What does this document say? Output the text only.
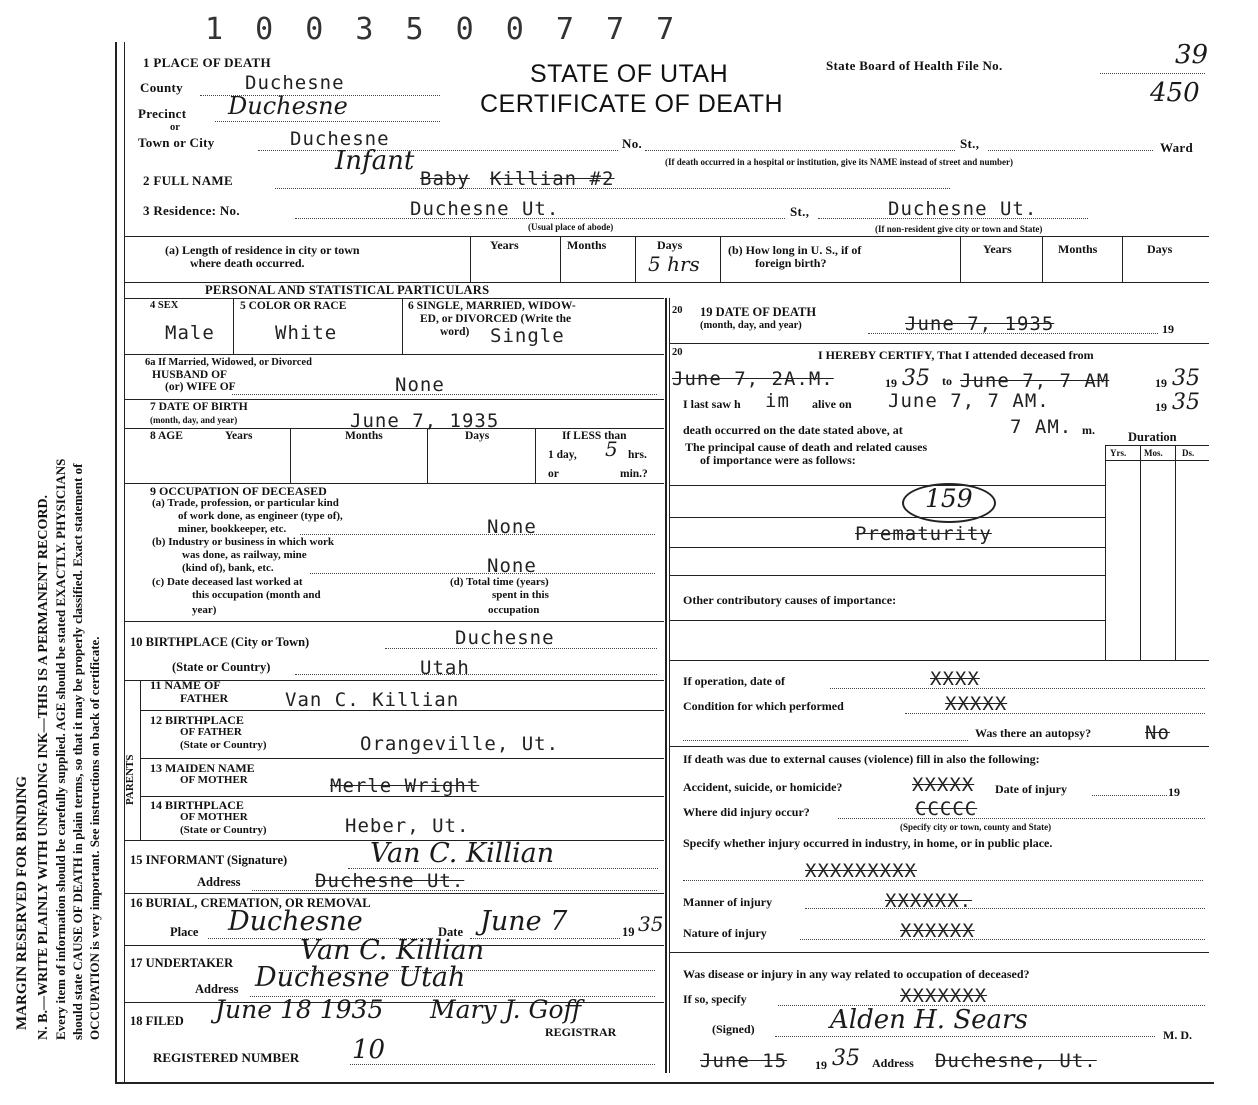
1 0 0 3 5 0 0 7 7 7
MARGIN RESERVED FOR BINDING N. B.—WRITE PLAINLY WITH UNFADING INK—THIS IS A PERMANENT RECORD. Every item of information should be carefully supplied. AGE should be stated EXACTLY. PHYSICIANS should state CAUSE OF DEATH in plain terms, so that it may be properly classified. Exact statement of OCCUPATION is very important. See instructions on back of certificate.
1 PLACE OF DEATH	STATE OF UTAH
CERTIFICATE OF DEATH
State Board of Health File No.	39
450
County	Duchesne
Precinct Duchesne
or
Town or City	Duchesne	No.	St.,	Ward
(If death occurred in a hospital or institution, give its NAME instead of street and number)
2 FULL NAME
Infant
Baby Killian #2
3 Residence: No.	Duchesne Ut.	St.,	Duchesne Ut.
(Usual place of abode)	(If non-resident give city or town and State)
(a) Length of residence in city or town
where death occurred.
Years	Months	Days
5 hrs
(b) How long in U. S., if of
foreign birth?
Years	Months	Days
PERSONAL AND STATISTICAL PARTICULARS
4 SEX
Male
5 COLOR OR RACE
White
6 SINGLE, MARRIED, WIDOW-
ED, or DIVORCED (Write the
word) Single
6a If Married, Widowed, or Divorced
HUSBAND OF
(or) WIFE OF	None
7 DATE OF BIRTH
(month, day, and year)	June 7, 1935
8 AGE	Years	Months	Days	If LESS than
1 day, 5 hrs.
or	min.?
9 OCCUPATION OF DECEASED
(a) Trade, profession, or particular kind
of work done, as engineer (type of),
miner, bookkeeper, etc.	None
(b) Industry or business in which work
was done, as railway, mine
(kind of), bank, etc.	None
(c) Date deceased last worked at
this occupation (month and
year)
(d) Total time (years)
spent in this
occupation
10 BIRTHPLACE (City or Town)	Duchesne
(State or Country)	Utah
PARENTS
11 NAME OF
FATHER	Van C. Killian
12 BIRTHPLACE
OF FATHER
(State or Country)	Orangeville, Ut.
13 MAIDEN NAME
OF MOTHER	Merle Wright
14 BIRTHPLACE
OF MOTHER
(State or Country)	Heber, Ut.
15 INFORMANT (Signature)	Van C. Killian
Address	Duchesne Ut.
16 BURIAL, CREMATION, OR REMOVAL
Place Duchesne	Date June 7	19 35
17 UNDERTAKER Van C. Killian
Address Duchesne Utah
18 FILED June 18 1935 Mary J. Goff
REGISTRAR
REGISTERED NUMBER 10
20 19 DATE OF DEATH
(month, day, and year)	June 7, 1935	19
20	I HEREBY CERTIFY, That I attended deceased from
June 7, 2A.M.	19 35 to June 7, 7 AM	19 35
I last saw h im alive on June 7, 7 AM.	19 35
death occurred on the date stated above, at	7 AM. m.
The principal cause of death and related causes
of importance were as follows:
Duration
Yrs. Mos. Ds.
159
Prematurity
Other contributory causes of importance:
If operation, date of	XXXX
Condition for which performed	XXXXX
Was there an autopsy?	No
If death was due to external causes (violence) fill in also the following:
Accident, suicide, or homicide?	XXXXX Date of injury	19
Where did injury occur?	CCCCC
(Specify city or town, county and State)
Specify whether injury occurred in industry, in home, or in public place.
XXXXXXXXX
Manner of injury	XXXXXX.
Nature of injury	XXXXXX
Was disease or injury in any way related to occupation of deceased?
If so, specify	XXXXXXX
(Signed)	Alden H. Sears	M. D.
June 15 19 35 Address Duchesne, Ut.
